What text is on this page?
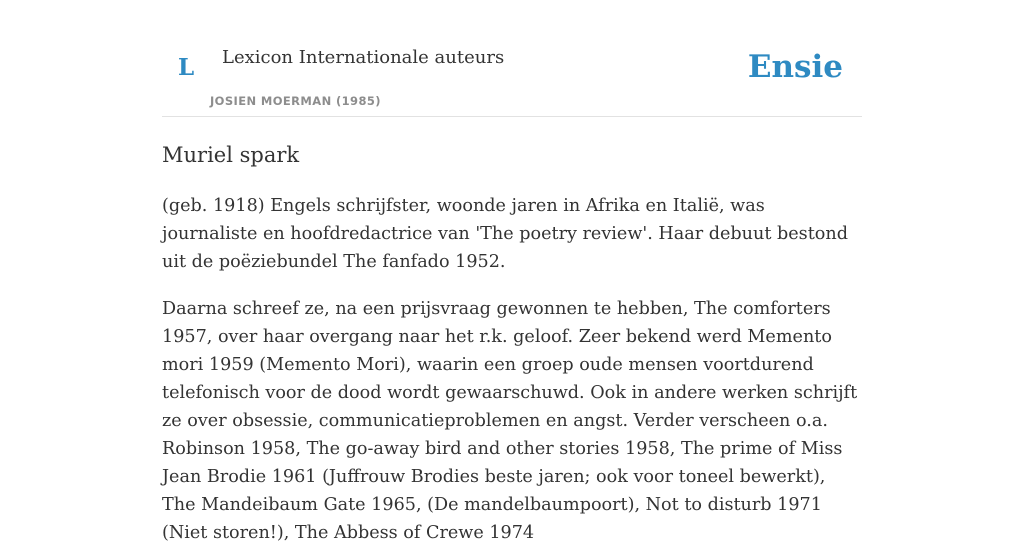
L Lexicon Internationale auteurs
JOSIEN MOERMAN (1985)
Ensie
Muriel spark

(geb. 1918) Engels schrijfster, woonde jaren in Afrika en Italië, was journaliste en hoofdredactrice van 'The poetry review'. Haar debuut bestond uit de poëziebundel The fanfado 1952.

Daarna schreef ze, na een prijsvraag gewonnen te hebben, The comforters 1957, over haar overgang naar het r.k. geloof. Zeer bekend werd Memento mori 1959 (Memento Mori), waarin een groep oude mensen voortdurend telefonisch voor de dood wordt gewaarschuwd. Ook in andere werken schrijft ze over obsessie, communicatieproblemen en angst. Verder verscheen o.a. Robinson 1958, The go-away bird and other stories 1958, The prime of Miss Jean Brodie 1961 (Juffrouw Brodies beste jaren; ook voor toneel bewerkt), The Mandeibaum Gate 1965, (De mandelbaumpoort), Not to disturb 1971 (Niet storen!), The Abbess of Crewe 1974
